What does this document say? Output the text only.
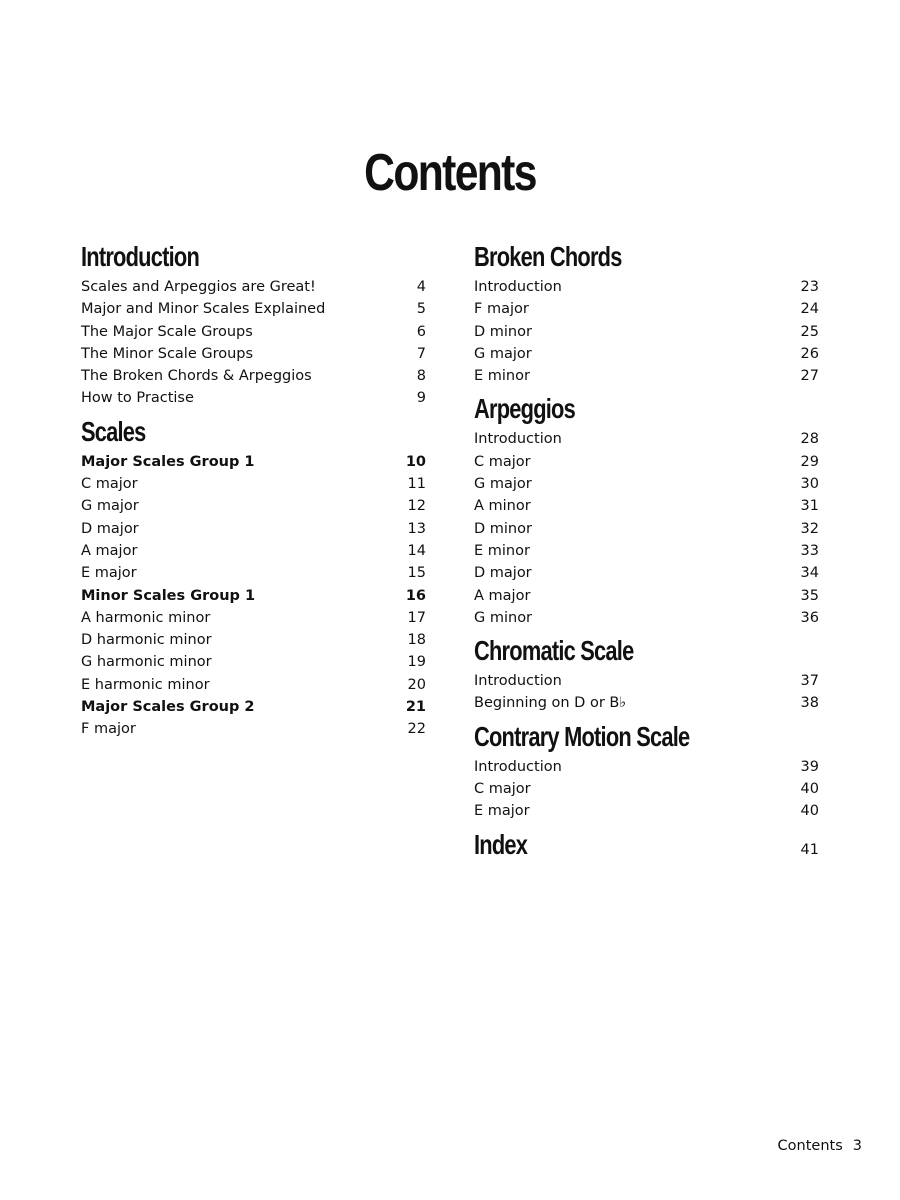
Contents
Introduction
Scales and Arpeggios are Great!	4
Major and Minor Scales Explained	5
The Major Scale Groups	6
The Minor Scale Groups	7
The Broken Chords & Arpeggios	8
How to Practise	9
Scales
Major Scales Group 1	10
C major	11
G major	12
D major	13
A major	14
E major	15
Minor Scales Group 1	16
A harmonic minor	17
D harmonic minor	18
G harmonic minor	19
E harmonic minor	20
Major Scales Group 2	21
F major	22
Broken Chords
Introduction	23
F major	24
D minor	25
G major	26
E minor	27
Arpeggios
Introduction	28
C major	29
G major	30
A minor	31
D minor	32
E minor	33
D major	34
A major	35
G minor	36
Chromatic Scale
Introduction	37
Beginning on D or B♭	38
Contrary Motion Scale
Introduction	39
C major	40
E major	40
Index	41
Contents 3
